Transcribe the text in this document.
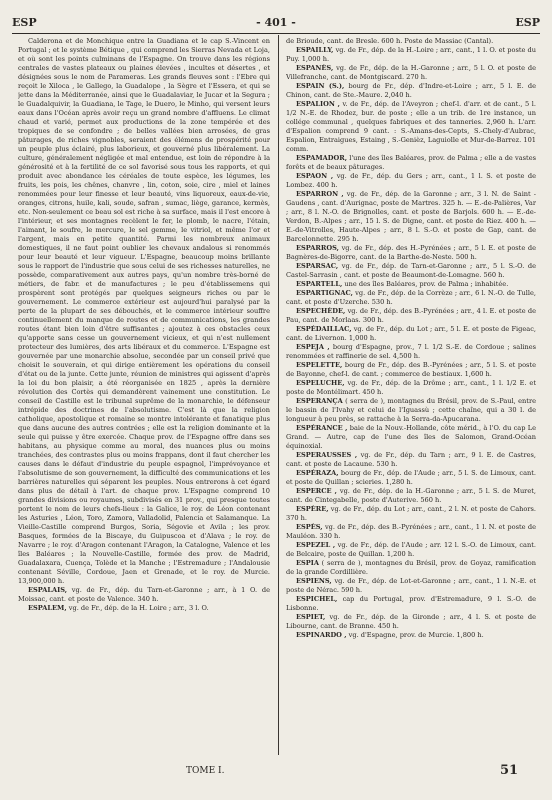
ESP	- 401 -	ESP

Calderona et de Monchique entre la Guadiana et le cap S.-Vincent en Portugal ; et le système Bétique , qui comprend les Sierras Nevada et Loja, et où sont les points culminans de l'Espagne. On trouve dans les régions centrales de vastes plateaux ou plaines élevées , incultes et désertes , et désignées sous le nom de Parameras. Les grands fleuves sont : l'Ebre qui reçoit le Xiloca , le Gallego, la Guadalope , la Sègre et l'Essera, et qui se jette dans la Méditerranée, ainsi que le Guadalaviar, le Jucar et la Segura ; le Guadalquivir, la Guadiana, le Tage, le Duero, le Minho, qui versent leurs eaux dans l'Océan après avoir reçu un grand nombre d'affluens. Le climat chaud et varié, permet aux productions de la zone tempérée et des tropiques de se confondre ; de belles vallées bien arrosées, de gras pâturages, de riches vignobles, seraient des élémens de prospérité pour un peuple plus éclairé, plus laborieux, et gouverné plus libéralement. La culture, généralement négligée et mal entendue, est loin de répondre à la générosité et à la fertilité de ce sol favorisé sous tous les rapports, et qui produit avec abondance les céréales de toute espèce, les légumes, les fruits, les pois, les chênes, chanvre , lin, coton, soie, cire , miel et laines renommées pour leur finesse et leur beauté, vins liquoreux, eaux-de-vie, oranges, citrons, huile, kali, soude, safran , sumac, liège, garance, kermès, etc. Non-seulement ce beau sol est riche à sa surface, mais il l'est encore à l'intérieur, et ses montagnes recèlent le fer, le plomb, le nacre, l'étain, l'aimant, le soufre, le mercure, le sel gemme, le vitriol, et même l'or et l'argent, mais en petite quantité. Parmi les nombreux animaux domestiques, il ne faut point oublier les chevaux andalous si renommés pour leur beauté et leur vigueur. L'Espagne, beaucoup moins brillante sous le rapport de l'industrie que sous celui de ses richesses naturelles, ne possède, comparativement aux autres pays, qu'un nombre très-borné de métiers, de fabr. et de manufactures ; le peu d'établissemens qui prospèrent sont protégés par quelques seigneurs riches ou par le gouvernement. Le commerce extérieur est aujourd'hui paralysé par la perte de la plupart de ses débouchés, et le commerce intérieur souffre continuellement du manque de routes et de communications, les grandes routes étant bien loin d'être suffisantes ; ajoutez à ces obstacles ceux qu'apporte sans cesse un gouvernement vicieux, et qui n'est nullement protecteur des lumières, des arts libéraux et du commerce. L'Espagne est gouvernée par une monarchie absolue, secondée par un conseil privé que choisit le souverain, et qui dirige entièrement les opérations du conseil d'état ou de la junte. Cette junte, réunion de ministres qui agissent d'après la loi du bon plaisir, a été réorganisée en 1825 , après la dernière révolution des Cortès qui demandèrent vainement une constitution. Le conseil de Castille est le tribunal suprême de la monarchie, le défenseur intrépide des doctrines de l'absolutisme. C'est là que la religion catholique, apostolique et romaine se montre intolérante et fanatique plus que dans aucune des autres contrées ; elle est la religion dominante et la seule qui puisse y être exercée. Chaque prov. de l'Espagne offre dans ses habitans, au physique comme au moral, des nuances plus ou moins tranchées, des contrastes plus ou moins frappans, dont il faut chercher les causes dans le défaut d'industrie du peuple espagnol, l'imprévoyance et l'absolutisme de son gouvernement, la difficulté des communications et les barrières naturelles qui séparent les peuples. Nous entrerons à cet égard dans plus de détail à l'art. de chaque prov. L'Espagne comprend 10 grandes divisions ou royaumes, subdivisés en 31 prov., qui presque toutes portent le nom de leurs chefs-lieux : la Galice, le roy. de Léon contenant les Asturies , Léon, Toro, Zamora, Valladolid, Palencia et Salamanque. La Vieille-Castille comprend Burgos, Soria, Ségovie et Avila ; les prov. Basques, formées de la Biscaye, du Guipuscoa et d'Alava ; le roy. de Navarre ; le roy. d'Aragon contenant l'Aragon, la Catalogne, Valence et les îles Baléares ; la Nouvelle-Castille, formée des prov. de Madrid, Guadalaxara, Cuença, Tolède et la Manche ; l'Estremadure ; l'Andalousie contenant Séville, Cordoue, Jaen et Grenade, et le roy. de Murcie. 13,900,000 h.

ESPALAIS, vg. de Fr., dép. du Tarn-et-Garonne ; arr., à 1 O. de Moissac, cant. et poste de Valence. 340 h.

ESPALEM, vg. de Fr., dép. de la H. Loire ; arr., 3 l. O.

de Brioude, cant. de Bresle. 600 h. Poste de Massiac (Cantal).

ESPAILLY, vg. de Fr., dép. de la H.-Loire ; arr., cant., 1 l. O. et poste du Puy. 1,000 h.

ESPANÈS, vg. de Fr., dép. de la H.-Garonne ; arr., 5 l. O. et poste de Villefranche, cant. de Montgiscard. 270 h.

ESPAIN (S.), bourg de Fr., dép. d'Indre-et-Loire ; arr., 5 l. E. de Chinon, cant. de Ste.-Maure. 2,040 h.

ESPALION , v. de Fr., dép. de l'Aveyron ; chef-l. d'arr. et de cant., 5 l. 1/2 N.-E. de Rhodez, bur. de poste ; elle a un trib. de 1re instance, un collége communal , quelques fabriques et des tanneries. 2,960 h. L'arr. d'Espalion comprend 9 cant. : S.-Amans-des-Cepts, S.-Chely-d'Aubrac, Espalion, Entraigues, Estaing , S.-Genièz, Laguiolle et Mur-de-Barrez. 101 comm.

ESPAMADOR, l'une des îles Baléares, prov. de Palma ; elle a de vastes forêts et de beaux pâturages.

ESPAON , vg. de Fr., dép. du Gers ; arr., cant., 1 l. S. et poste de Lombez. 400 h.

ESPARRON , vg. de Fr., dép. de la Garonne ; arr., 3 l. N. de Saint - Gaudens , cant. d'Aurignac, poste de Martres. 325 h. — E.-de-Palières, Var ; arr., 8 l. N.-O. de Brignolles, cant. et poste de Barjols. 600 h. — E.-de-Verdon, B.-Alpes ; arr., 15 l. S. de Digne, cant. et poste de Riez. 400 h. — E.-de-Vitrolles, Haute-Alpes ; arr., 8 l. S.-O. et poste de Gap, cant. de Barcelonnette. 295 h.

ESPARROS, vg. de Fr., dép. des H.-Pyrénées ; arr., 5 l. E. et poste de Bagnères-de-Bigorre, cant. de la Barthe-de-Neste. 500 h.

ESPARSAC, vg. de Fr., dép. de Tarn-et-Garonne ; arr., 5 l. S.-O. de Castel-Sarrasin , cant. et poste de Beaumont-de-Lomagne. 560 h.

ESPARTELL, une des îles Baléares, prov. de Palma ; inhabitée.

ESPARTIGNAC, vg. de Fr., dép. de la Corrèze ; arr., 6 l. N.-O. de Tulle, cant. et poste d'Uzerche. 530 h.

ESPECHÈDE, vg. de Fr., dép. des B.-Pyrénées ; arr., 4 l. E. et poste de Pau, cant. de Morlaas. 300 h.

ESPÉDAILLAC, vg. de Fr., dép. du Lot ; arr., 5 l. E. et poste de Figeac, cant. de Livernon. 1,000 h.

ESPEJA , bourg d'Espagne, prov., 7 l. 1/2 S.-E. de Cordoue ; salines renommées et raffinerie de sel. 4,500 h.

ESPELETTE, bourg de Fr., dép. des B.-Pyrénées ; arr., 5 l. S. et poste de Bayonne, chef-l. de cant. ; commerce de bestiaux. 1,600 h.

ESPELUCHE, vg. de Fr., dép. de la Drôme ; arr., cant., 1 l. 1/2 E. et poste de Montélimart. 450 h.

ESPERANÇA ( serra de ), montagnes du Brésil, prov. de S.-Paul, entre le bassin de l'Ivahy et celui de l'Iguassù ; cette chaîne, qui a 30 l. de longueur à peu près, se rattache à la Serra-da-Apucarana.

ESPÉRANCE , baie de la Nouv.-Hollande, côte mérid., à l'O. du cap Le Grand. — Autre, cap de l'une des îles de Salomon, Grand-Océan équinoxial.

ESPERAUSSES , vg. de Fr., dép. du Tarn ; arr., 9 l. E. de Castres, cant. et poste de Lacaune. 530 h.

ESPÉRAZA, bourg de Fr., dép. de l'Aude ; arr., 5 l. S. de Limoux, cant. et poste de Quillan ; scieries. 1,280 h.

ESPERCE , vg. de Fr., dép. de la H.-Garonne ; arr., 5 l. S. de Muret, cant. de Cintegabelle, poste d'Auterive. 560 h.

ESPÈRE, vg. de Fr., dép. du Lot ; arr., cant., 2 l. N. et poste de Cahors. 370 h.

ESPÈS, vg. de Fr., dép. des B.-Pyrénées ; arr., cant., 1 l. N. et poste de Mauléon. 330 h.

ESPEZEL , vg. de Fr., dép. de l'Aude ; arr. 12 l. S.-O. de Limoux, cant. de Belcaire, poste de Quillan. 1,200 h.

ESPIA ( serra de ), montagnes du Brésil, prov. de Goyaz, ramification de la grande Cordillière.

ESPIENS, vg. de Fr., dép. de Lot-et-Garonne ; arr., cant., 1 l. N.-E. et poste de Nérac. 590 h.

ESPICHEL, cap du Portugal, prov. d'Estremadure, 9 l. S.-O. de Lisbonne.

ESPIET, vg. de Fr., dép. de la Gironde ; arr., 4 l. S. et poste de Libourne, cant. de Branne. 450 h.

ESPINARDO , vg. d'Espagne, prov. de Murcie. 1,800 h.

TOME I.	51
